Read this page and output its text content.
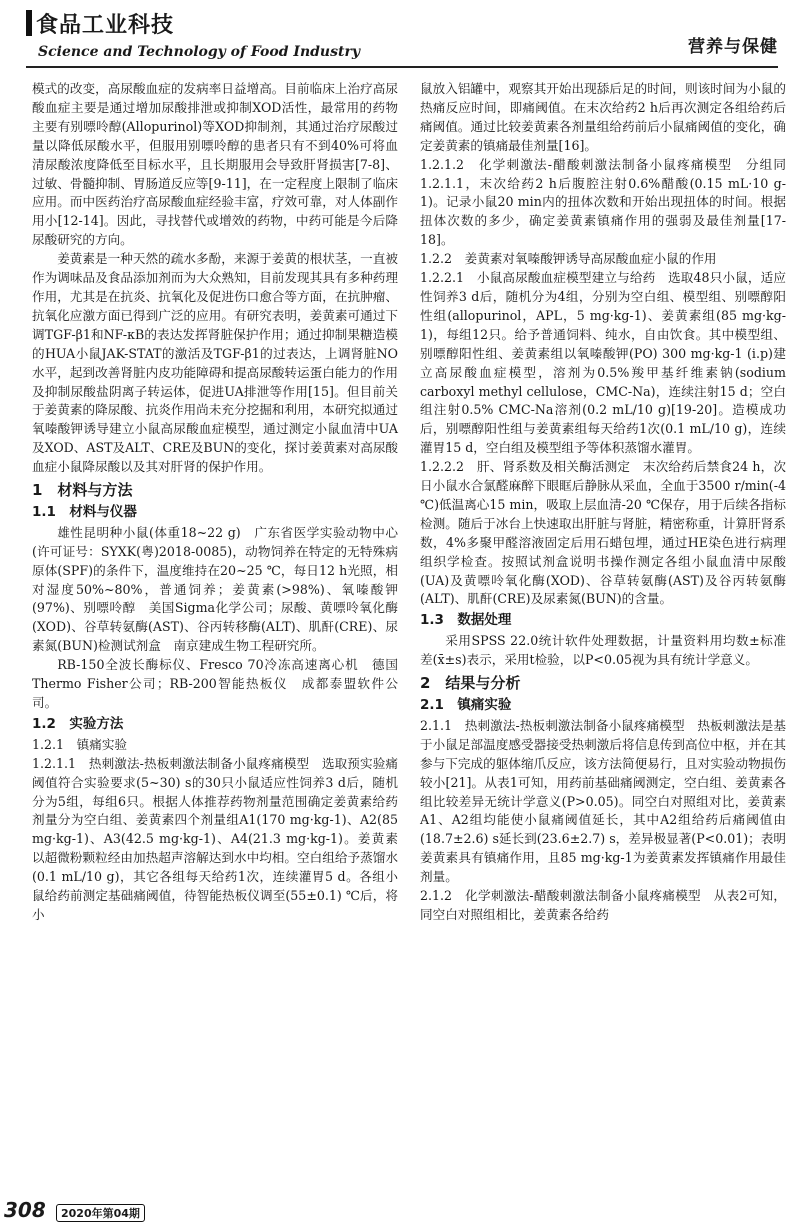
食品工业科技
Science and Technology of Food Industry	营养与保健

模式的改变，高尿酸血症的发病率日益增高。目前临床上治疗高尿酸血症主要是通过增加尿酸排泄或抑制XOD活性，最常用的药物主要有别嘌呤醇(Allopurinol)等XOD抑制剂，其通过治疗尿酸过量以降低尿酸水平，但服用别嘌呤醇的患者只有不到40%可将血清尿酸浓度降低至目标水平，且长期服用会导致肝肾损害[7-8]、过敏、骨髓抑制、胃肠道反应等[9-11]，在一定程度上限制了临床应用。而中医药治疗高尿酸血症经验丰富，疗效可靠，对人体副作用小[12-14]。因此，寻找替代或增效的药物，中药可能是今后降尿酸研究的方向。

姜黄素是一种天然的疏水多酚，来源于姜黄的根状茎，一直被作为调味品及食品添加剂而为大众熟知，目前发现其具有多种药理作用，尤其是在抗炎、抗氧化及促进伤口愈合等方面，在抗肿瘤、抗氧化应激方面已得到广泛的应用。有研究表明，姜黄素可通过下调TGF-β1和NF-κB的表达发挥肾脏保护作用；通过抑制果糖造模的HUA小鼠JAK-STAT的激活及TGF-β1的过表达，上调肾脏NO水平，起到改善肾脏内皮功能障碍和提高尿酸转运蛋白能力的作用及抑制尿酸盐阴离子转运体，促进UA排泄等作用[15]。但目前关于姜黄素的降尿酸、抗炎作用尚未充分挖掘和利用，本研究拟通过氧嗪酸钾诱导建立小鼠高尿酸血症模型，通过测定小鼠血清中UA及XOD、AST及ALT、CRE及BUN的变化，探讨姜黄素对高尿酸血症小鼠降尿酸以及其对肝肾的保护作用。

1　材料与方法
1.1　材料与仪器

雄性昆明种小鼠(体重18~22 g)　广东省医学实验动物中心(许可证号：SYXK(粤)2018-0085)，动物饲养在特定的无特殊病原体(SPF)的条件下，温度维持在20~25 ℃，每日12 h光照，相对湿度50%~80%，普通饲养；姜黄素(>98%)、氧嗪酸钾(97%)、别嘌呤醇　美国Sigma化学公司；尿酸、黄嘌呤氧化酶(XOD)、谷草转氨酶(AST)、谷丙转移酶(ALT)、肌酐(CRE)、尿素氮(BUN)检测试剂盒　南京建成生物工程研究所。

RB-150全波长酶标仪、Fresco 70冷冻高速离心机　德国Thermo Fisher公司；RB-200智能热板仪　成都泰盟软件公司。

1.2　实验方法
1.2.1　镇痛实验

1.2.1.1　热刺激法-热板刺激法制备小鼠疼痛模型　选取预实验痛阈值符合实验要求(5~30) s的30只小鼠适应性饲养3 d后，随机分为5组，每组6只。根据人体推荐药物剂量范围确定姜黄素给药剂量分为空白组、姜黄素四个剂量组A1(170 mg·kg-1)、A2(85 mg·kg-1)、A3(42.5 mg·kg-1)、A4(21.3 mg·kg-1)。姜黄素以超微粉颗粒经由加热超声溶解达到水中均相。空白组给予蒸馏水(0.1 mL/10 g)，其它各组每天给药1次，连续灌胃5 d。各组小鼠给药前测定基础痛阈值，待智能热板仪调至(55±0.1) ℃后，将小

鼠放入铝罐中，观察其开始出现舔后足的时间，则该时间为小鼠的热痛反应时间，即痛阈值。在末次给药2 h后再次测定各组给药后痛阈值。通过比较姜黄素各剂量组给药前后小鼠痛阈值的变化，确定姜黄素的镇痛最佳剂量[16]。

1.2.1.2　化学刺激法-醋酸刺激法制备小鼠疼痛模型　分组同1.2.1.1，末次给药2 h后腹腔注射0.6%醋酸(0.15 mL·10 g-1)。记录小鼠20 min内的扭体次数和开始出现扭体的时间。根据扭体次数的多少，确定姜黄素镇痛作用的强弱及最佳剂量[17-18]。

1.2.2　姜黄素对氧嗪酸钾诱导高尿酸血症小鼠的作用

1.2.2.1　小鼠高尿酸血症模型建立与给药　选取48只小鼠，适应性饲养3 d后，随机分为4组，分别为空白组、模型组、别嘌醇阳性组(allopurinol，APL，5 mg·kg-1)、姜黄素组(85 mg·kg-1)，每组12只。给予普通饲料、纯水，自由饮食。其中模型组、别嘌醇阳性组、姜黄素组以氧嗪酸钾(PO) 300 mg·kg-1 (i.p)建立高尿酸血症模型，溶剂为0.5%羧甲基纤维素钠(sodium carboxyl methyl cellulose，CMC-Na)，连续注射15 d；空白组注射0.5% CMC-Na溶剂(0.2 mL/10 g)[19-20]。造模成功后，别嘌醇阳性组与姜黄素组每天给药1次(0.1 mL/10 g)，连续灌胃15 d，空白组及模型组予等体积蒸馏水灌胃。

1.2.2.2　肝、肾系数及相关酶活测定　末次给药后禁食24 h，次日小鼠水合氯醛麻醉下眼眶后静脉从采血，全血于3500 r/min(-4 ℃)低温离心15 min，吸取上层血清-20 ℃保存，用于后续各指标检测。随后于冰台上快速取出肝脏与肾脏，精密称重，计算肝肾系数，4%多聚甲醛溶液固定后用石蜡包埋，通过HE染色进行病理组织学检查。按照试剂盒说明书操作测定各组小鼠血清中尿酸(UA)及黄嘌呤氧化酶(XOD)、谷草转氨酶(AST)及谷丙转氨酶(ALT)、肌酐(CRE)及尿素氮(BUN)的含量。

1.3　数据处理

采用SPSS 22.0统计软件处理数据，计量资料用均数±标准差(x̄±s)表示，采用t检验，以P<0.05视为具有统计学意义。

2　结果与分析
2.1　镇痛实验

2.1.1　热刺激法-热板刺激法制备小鼠疼痛模型　热板刺激法是基于小鼠足部温度感受器接受热刺激后将信息传到高位中枢，并在其参与下完成的躯体缩爪反应，该方法简便易行，且对实验动物损伤较小[21]。从表1可知，用药前基础痛阈测定，空白组、姜黄素各组比较差异无统计学意义(P>0.05)。同空白对照组对比，姜黄素A1、A2组均能使小鼠痛阈值延长，其中A2组给药后痛阈值由(18.7±2.6) s延长到(23.6±2.7) s，差异极显著(P<0.01)；表明姜黄素具有镇痛作用，且85 mg·kg-1为姜黄素发挥镇痛作用最佳剂量。

2.1.2　化学刺激法-醋酸刺激法制备小鼠疼痛模型　从表2可知，同空白对照组相比，姜黄素各给药

308	2020年第04期
